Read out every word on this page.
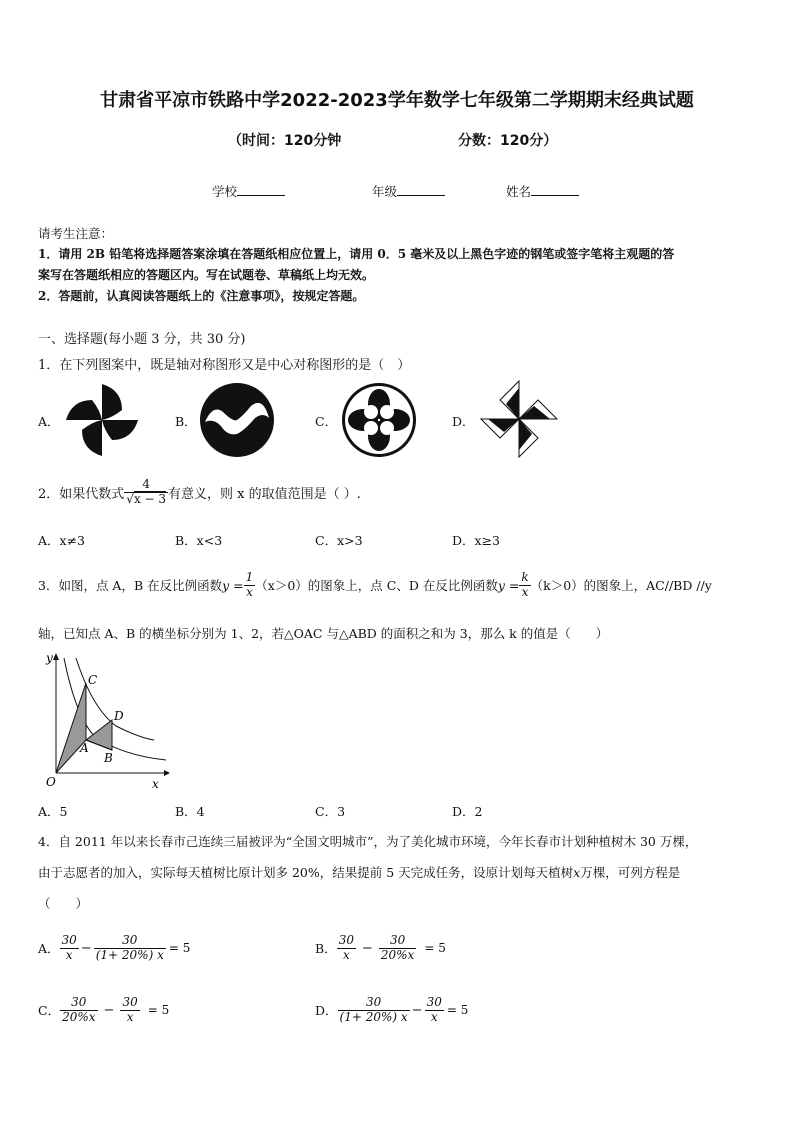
甘肃省平凉市铁路中学2022-2023学年数学七年级第二学期期末经典试题
（时间：120分钟	分数：120分）
学校	年级	姓名
请考生注意：
1．请用 2B 铅笔将选择题答案涂填在答题纸相应位置上，请用 0．5 毫米及以上黑色字迹的钢笔或签字笔将主观题的答
案写在答题纸相应的答题区内。写在试题卷、草稿纸上均无效。
2．答题前，认真阅读答题纸上的《注意事项》，按规定答题。
一、选择题(每小题 3 分，共 30 分)
1．在下列图案中，既是轴对称图形又是中心对称图形的是（　）
A．	B．	C．	D．
2．如果代数式 $\frac{4}{√x - 3}$ 有意义，则 x 的取值范围是（ ）.
A．x≠3	B．x<3	C．x>3	D．x≥3
3．如图，点 A，B 在反比例函数 $y = \frac{1}{x} (x>0)$的图象上，点 C、D 在反比例函数 $y = \frac{k}{x} (k>0)$的图象上，AC//BD //y
轴，已知点 A、B 的横坐标分别为 1、2，若△OAC 与△ABD 的面积之和为 3，那么 k 的值是（　　）
y
x
O
C
D
A
B
A．5	B．4	C．3	D．2
4．自 2011 年以来长春市己连续三届被评为“全国文明城市”，为了美化城市环境，今年长春市计划种植树木 30 万棵，
由于志愿者的加入，实际每天植树比原计划多 20%，结果提前 5 天完成任务，设原计划每天植树x万棵，可列方程是
（　　）
A． $\frac{30}{x} - \frac{30}{(1+ 20\%) x} = 5$	B． $\frac{30}{x} - \frac{30}{20\%x} = 5$
C． $\frac{30}{20\%x} - \frac{30}{x} = 5$	D． $\frac{30}{(1+ 20\%) x} - \frac{30}{x} = 5$
